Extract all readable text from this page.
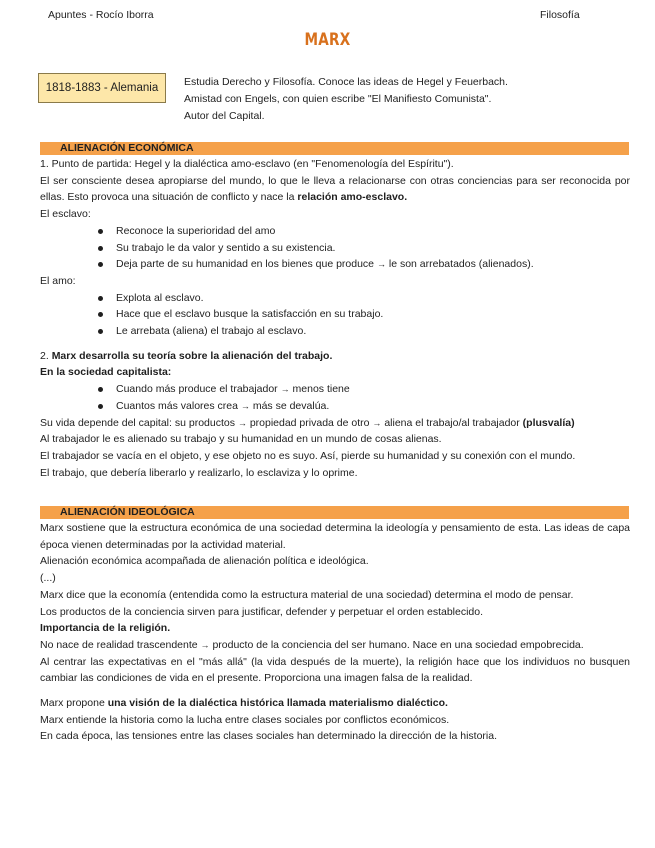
Apuntes - Rocío Iborra	Filosofía
MARX
1818-1883 - Alemania	Estudia Derecho y Filosofía. Conoce las ideas de Hegel y Feuerbach.
Amistad con Engels, con quien escribe "El Manifiesto Comunista".
Autor del Capital.
ALIENACIÓN ECONÓMICA

1. Punto de partida: Hegel y la dialéctica amo-esclavo (en "Fenomenología del Espíritu").

El ser consciente desea apropiarse del mundo, lo que le lleva a relacionarse con otras conciencias para ser reconocida por ellas. Esto provoca una situación de conflicto y nace la relación amo-esclavo.

El esclavo:

Reconoce la superioridad del amo
Su trabajo le da valor y sentido a su existencia.
Deja parte de su humanidad en los bienes que produce → le son arrebatados (alienados).

El amo:

Explota al esclavo.
Hace que el esclavo busque la satisfacción en su trabajo.
Le arrebata (aliena) el trabajo al esclavo.

2. Marx desarrolla su teoría sobre la alienación del trabajo.

En la sociedad capitalista:

Cuando más produce el trabajador → menos tiene
Cuantos más valores crea → más se devalúa.

Su vida depende del capital: su productos → propiedad privada de otro → aliena el trabajo/al trabajador (plusvalía)

Al trabajador le es alienado su trabajo y su humanidad en un mundo de cosas alienas.

El trabajador se vacía en el objeto, y ese objeto no es suyo. Así, pierde su humanidad y su conexión con el mundo.

El trabajo, que debería liberarlo y realizarlo, lo esclaviza y lo oprime.

ALIENACIÓN IDEOLÓGICA

Marx sostiene que la estructura económica de una sociedad determina la ideología y pensamiento de esta. Las ideas de capa época vienen determinadas por la actividad material.

Alienación económica acompañada de alienación política e ideológica.

(...)

Marx dice que la economía (entendida como la estructura material de una sociedad) determina el modo de pensar.

Los productos de la conciencia sirven para justificar, defender y perpetuar el orden establecido.

Importancia de la religión.

No nace de realidad trascendente → producto de la conciencia del ser humano. Nace en una sociedad empobrecida.

Al centrar las expectativas en el "más allá" (la vida después de la muerte), la religión hace que los individuos no busquen cambiar las condiciones de vida en el presente. Proporciona una imagen falsa de la realidad.

Marx propone una visión de la dialéctica histórica llamada materialismo dialéctico.

Marx entiende la historia como la lucha entre clases sociales por conflictos económicos.

En cada época, las tensiones entre las clases sociales han determinado la dirección de la historia.
